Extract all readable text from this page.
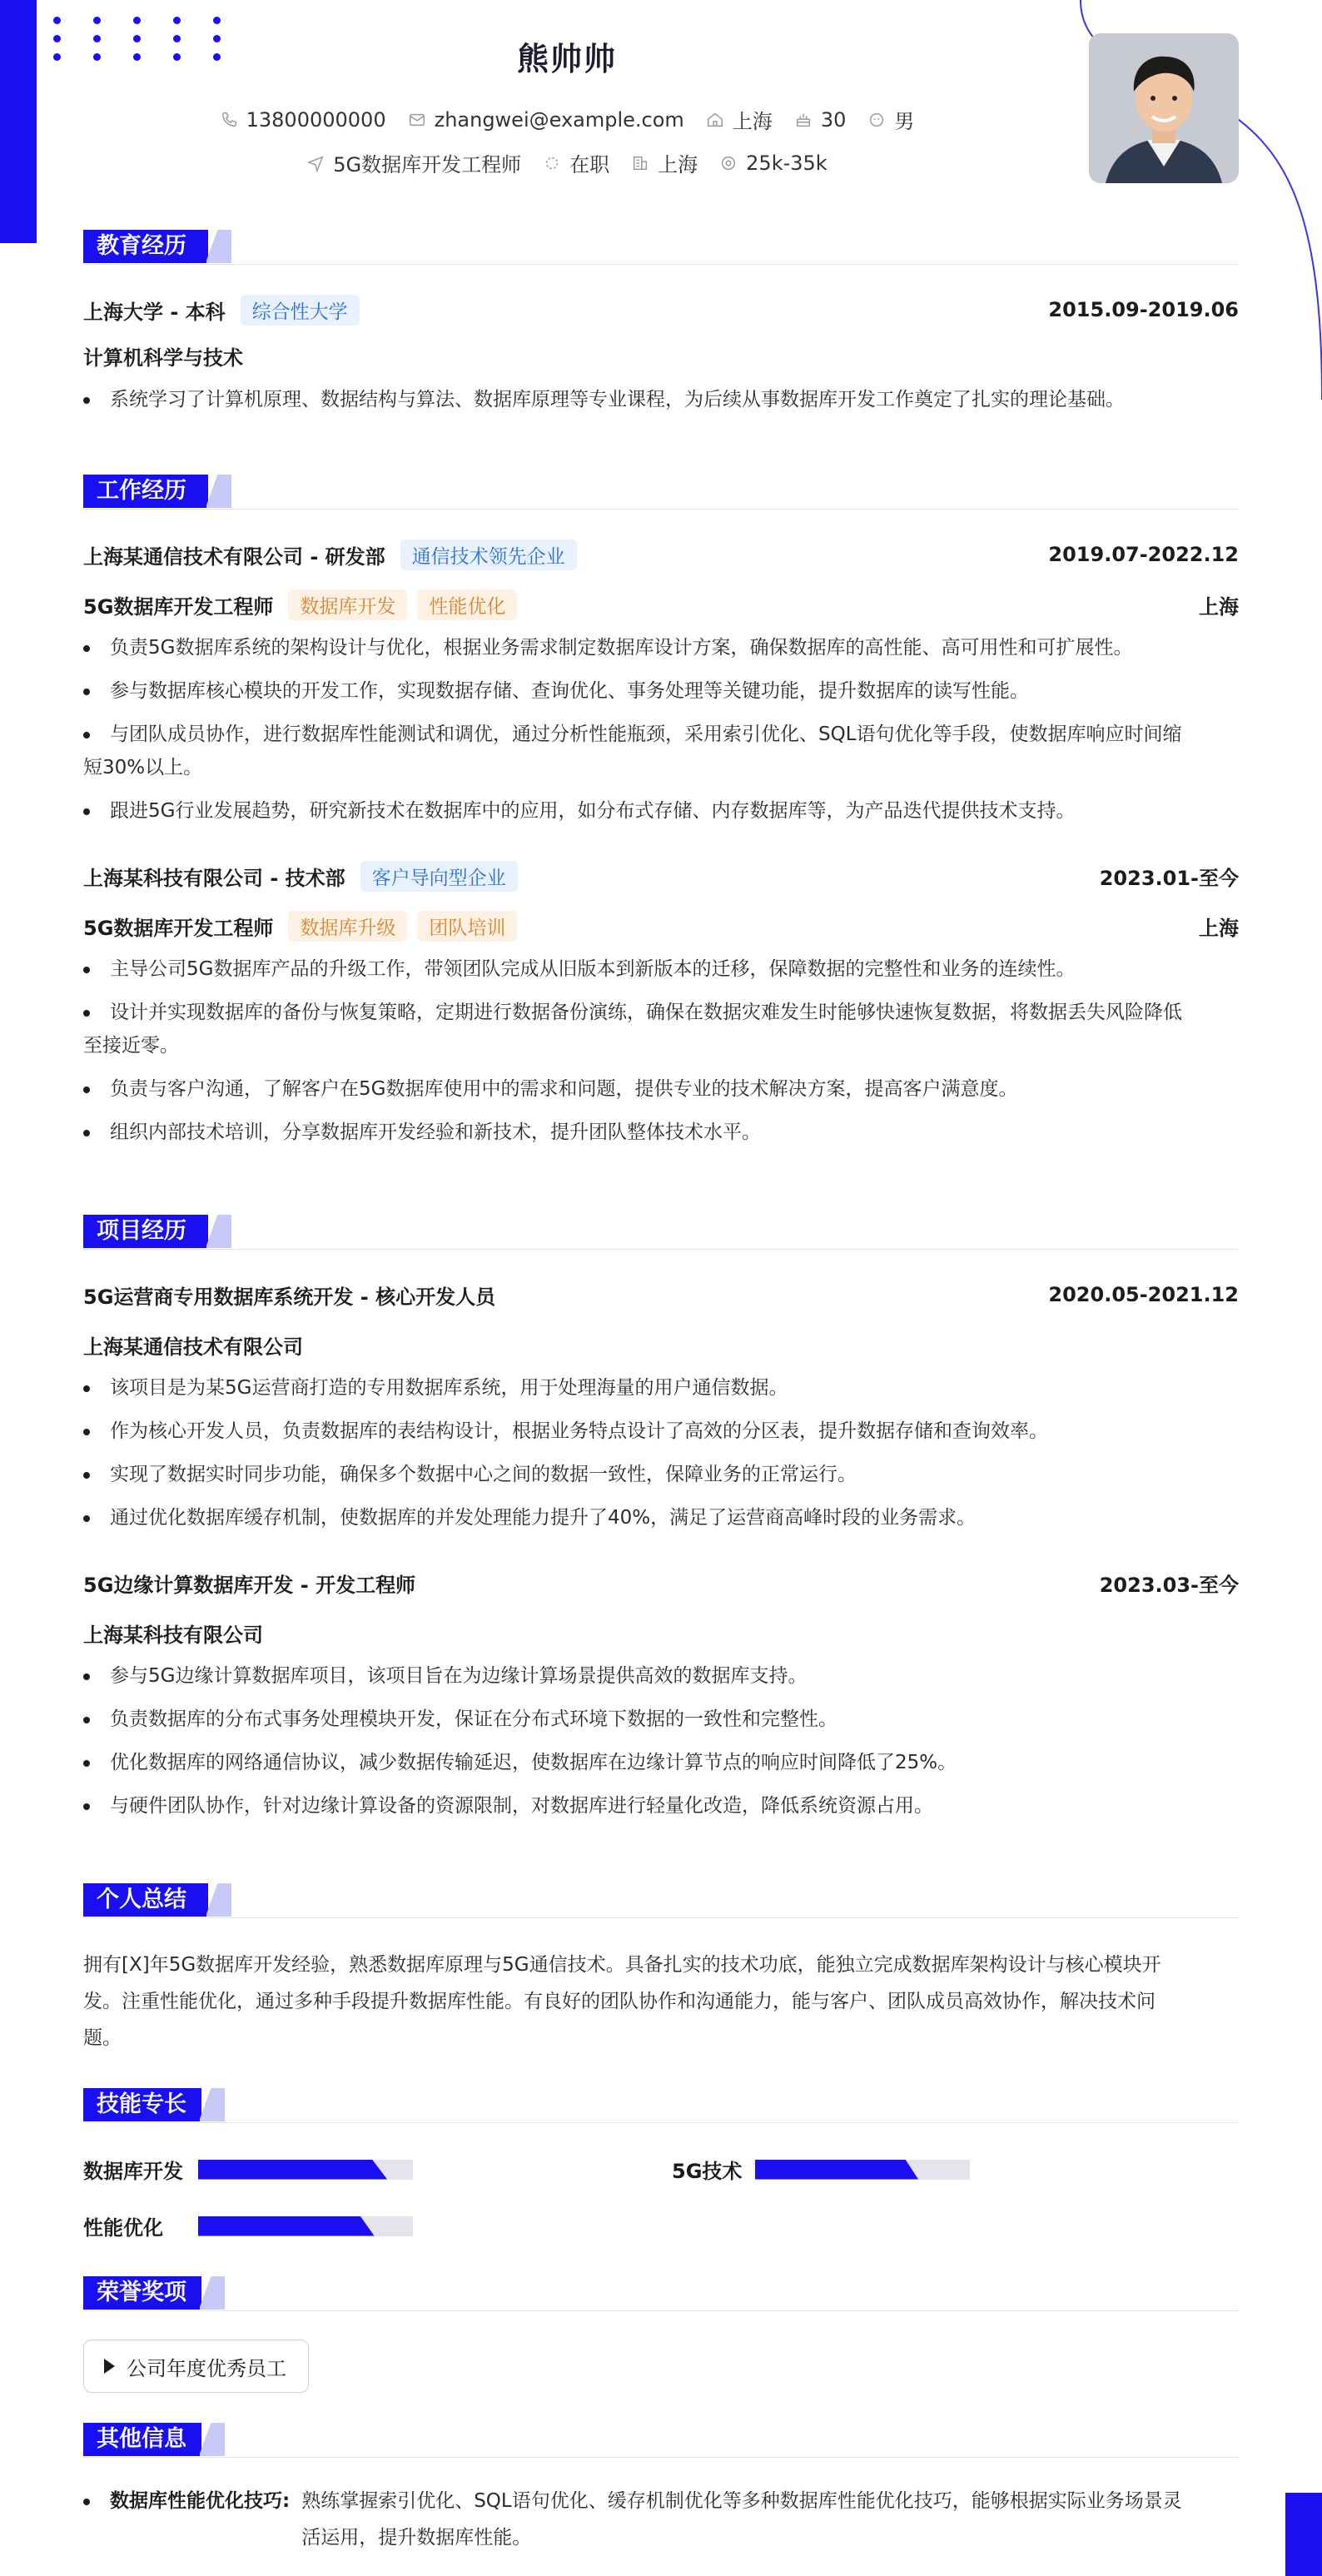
熊帅帅
13800000000 zhangwei@example.com 上海 30 男
5G数据库开发工程师 在职 上海 25k-35k
教育经历
上海大学 - 本科	综合性大学	2015.09-2019.06
计算机科学与技术
系统学习了计算机原理、数据结构与算法、数据库原理等专业课程，为后续从事数据库开发工作奠定了扎实的理论基础。
工作经历
上海某通信技术有限公司 - 研发部	通信技术领先企业	2019.07-2022.12
5G数据库开发工程师	数据库开发	性能优化	上海
负责5G数据库系统的架构设计与优化，根据业务需求制定数据库设计方案，确保数据库的高性能、高可用性和可扩展性。
参与数据库核心模块的开发工作，实现数据存储、查询优化、事务处理等关键功能，提升数据库的读写性能。
与团队成员协作，进行数据库性能测试和调优，通过分析性能瓶颈，采用索引优化、SQL语句优化等手段，使数据库响应时间缩
短30%以上。
跟进5G行业发展趋势，研究新技术在数据库中的应用，如分布式存储、内存数据库等，为产品迭代提供技术支持。
上海某科技有限公司 - 技术部	客户导向型企业	2023.01-至今
5G数据库开发工程师	数据库升级	团队培训	上海
主导公司5G数据库产品的升级工作，带领团队完成从旧版本到新版本的迁移，保障数据的完整性和业务的连续性。
设计并实现数据库的备份与恢复策略，定期进行数据备份演练，确保在数据灾难发生时能够快速恢复数据，将数据丢失风险降低
至接近零。
负责与客户沟通，了解客户在5G数据库使用中的需求和问题，提供专业的技术解决方案，提高客户满意度。
组织内部技术培训，分享数据库开发经验和新技术，提升团队整体技术水平。
项目经历
5G运营商专用数据库系统开发 - 核心开发人员	2020.05-2021.12
上海某通信技术有限公司
该项目是为某5G运营商打造的专用数据库系统，用于处理海量的用户通信数据。
作为核心开发人员，负责数据库的表结构设计，根据业务特点设计了高效的分区表，提升数据存储和查询效率。
实现了数据实时同步功能，确保多个数据中心之间的数据一致性，保障业务的正常运行。
通过优化数据库缓存机制，使数据库的并发处理能力提升了40%，满足了运营商高峰时段的业务需求。
5G边缘计算数据库开发 - 开发工程师	2023.03-至今
上海某科技有限公司
参与5G边缘计算数据库项目，该项目旨在为边缘计算场景提供高效的数据库支持。
负责数据库的分布式事务处理模块开发，保证在分布式环境下数据的一致性和完整性。
优化数据库的网络通信协议，减少数据传输延迟，使数据库在边缘计算节点的响应时间降低了25%。
与硬件团队协作，针对边缘计算设备的资源限制，对数据库进行轻量化改造，降低系统资源占用。
个人总结
拥有[X]年5G数据库开发经验，熟悉数据库原理与5G通信技术。具备扎实的技术功底，能独立完成数据库架构设计与核心模块开
发。注重性能优化，通过多种手段提升数据库性能。有良好的团队协作和沟通能力，能与客户、团队成员高效协作，解决技术问
题。
技能专长
数据库开发	5G技术
性能优化
荣誉奖项
公司年度优秀员工
其他信息
数据库性能优化技巧: 熟练掌握索引优化、SQL语句优化、缓存机制优化等多种数据库性能优化技巧，能够根据实际业务场景灵
活运用，提升数据库性能。
